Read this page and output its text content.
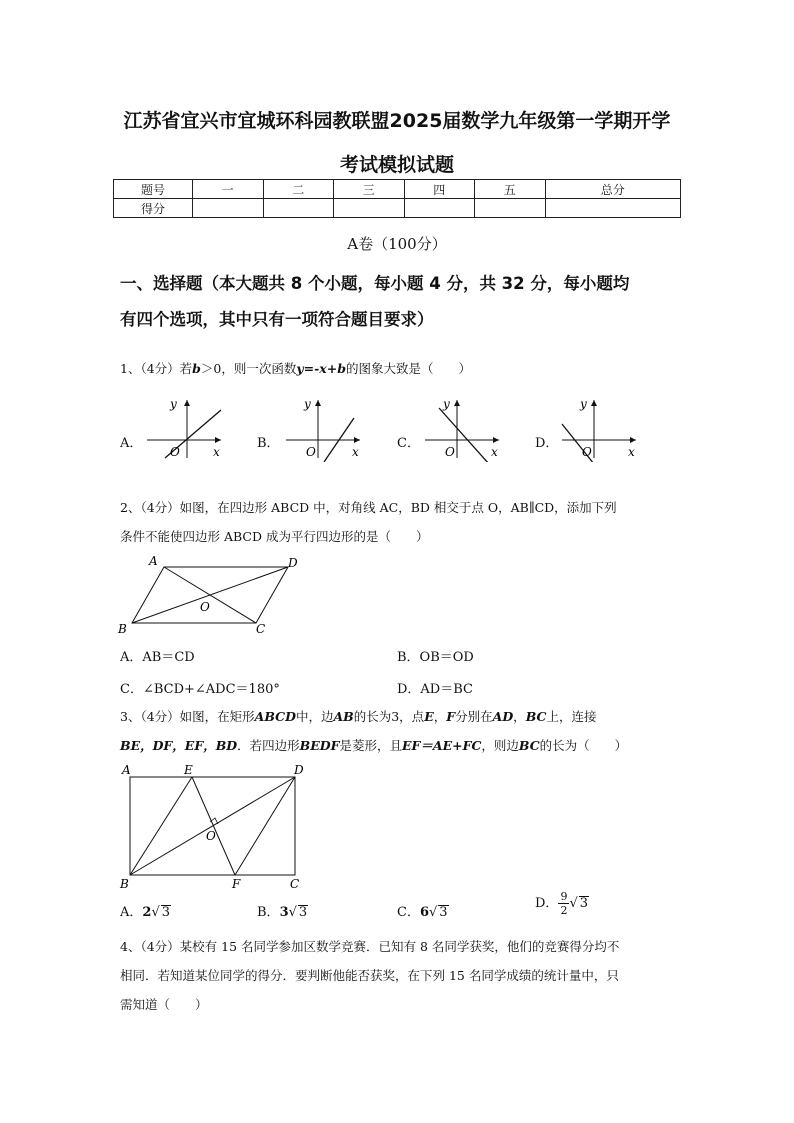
江苏省宜兴市宜城环科园教联盟2025届数学九年级第一学期开学
考试模拟试题
题号	一	二	三	四	五	总分
得分						
A卷（100分）
一、选择题（本大题共 8 个小题，每小题 4 分，共 32 分，每小题均
有四个选项，其中只有一项符合题目要求）
1、（4分）若b＞0，则一次函数y=-x+b的图象大致是（　　）
A．
y
x
O
B．
y
x
O
C．
y
x
O
D．
y
x
O
2、（4分）如图，在四边形 ABCD 中，对角线 AC，BD 相交于点 O，AB∥CD，添加下列
条件不能使四边形 ABCD 成为平行四边形的是（　　）
A	D
B	C
O
A．AB＝CD	B．OB＝OD
C．∠BCD+∠ADC＝180°	D．AD＝BC
3、（4分）如图，在矩形ABCD中，边AB的长为3，点E，F分别在AD，BC上，连接
BE，DF，EF，BD．若四边形BEDF是菱形，且EF＝AE+FC，则边BC的长为（　　）
A	E	D
O
B	F	C
A．2√ 3	B．3√ 3	C．6√ 3
D． $\frac{9}{2}$ √ 3
4、（4分）某校有 15 名同学参加区数学竞赛．已知有 8 名同学获奖，他们的竞赛得分均不
相同．若知道某位同学的得分．要判断他能否获奖，在下列 15 名同学成绩的统计量中，只
需知道（　　）
